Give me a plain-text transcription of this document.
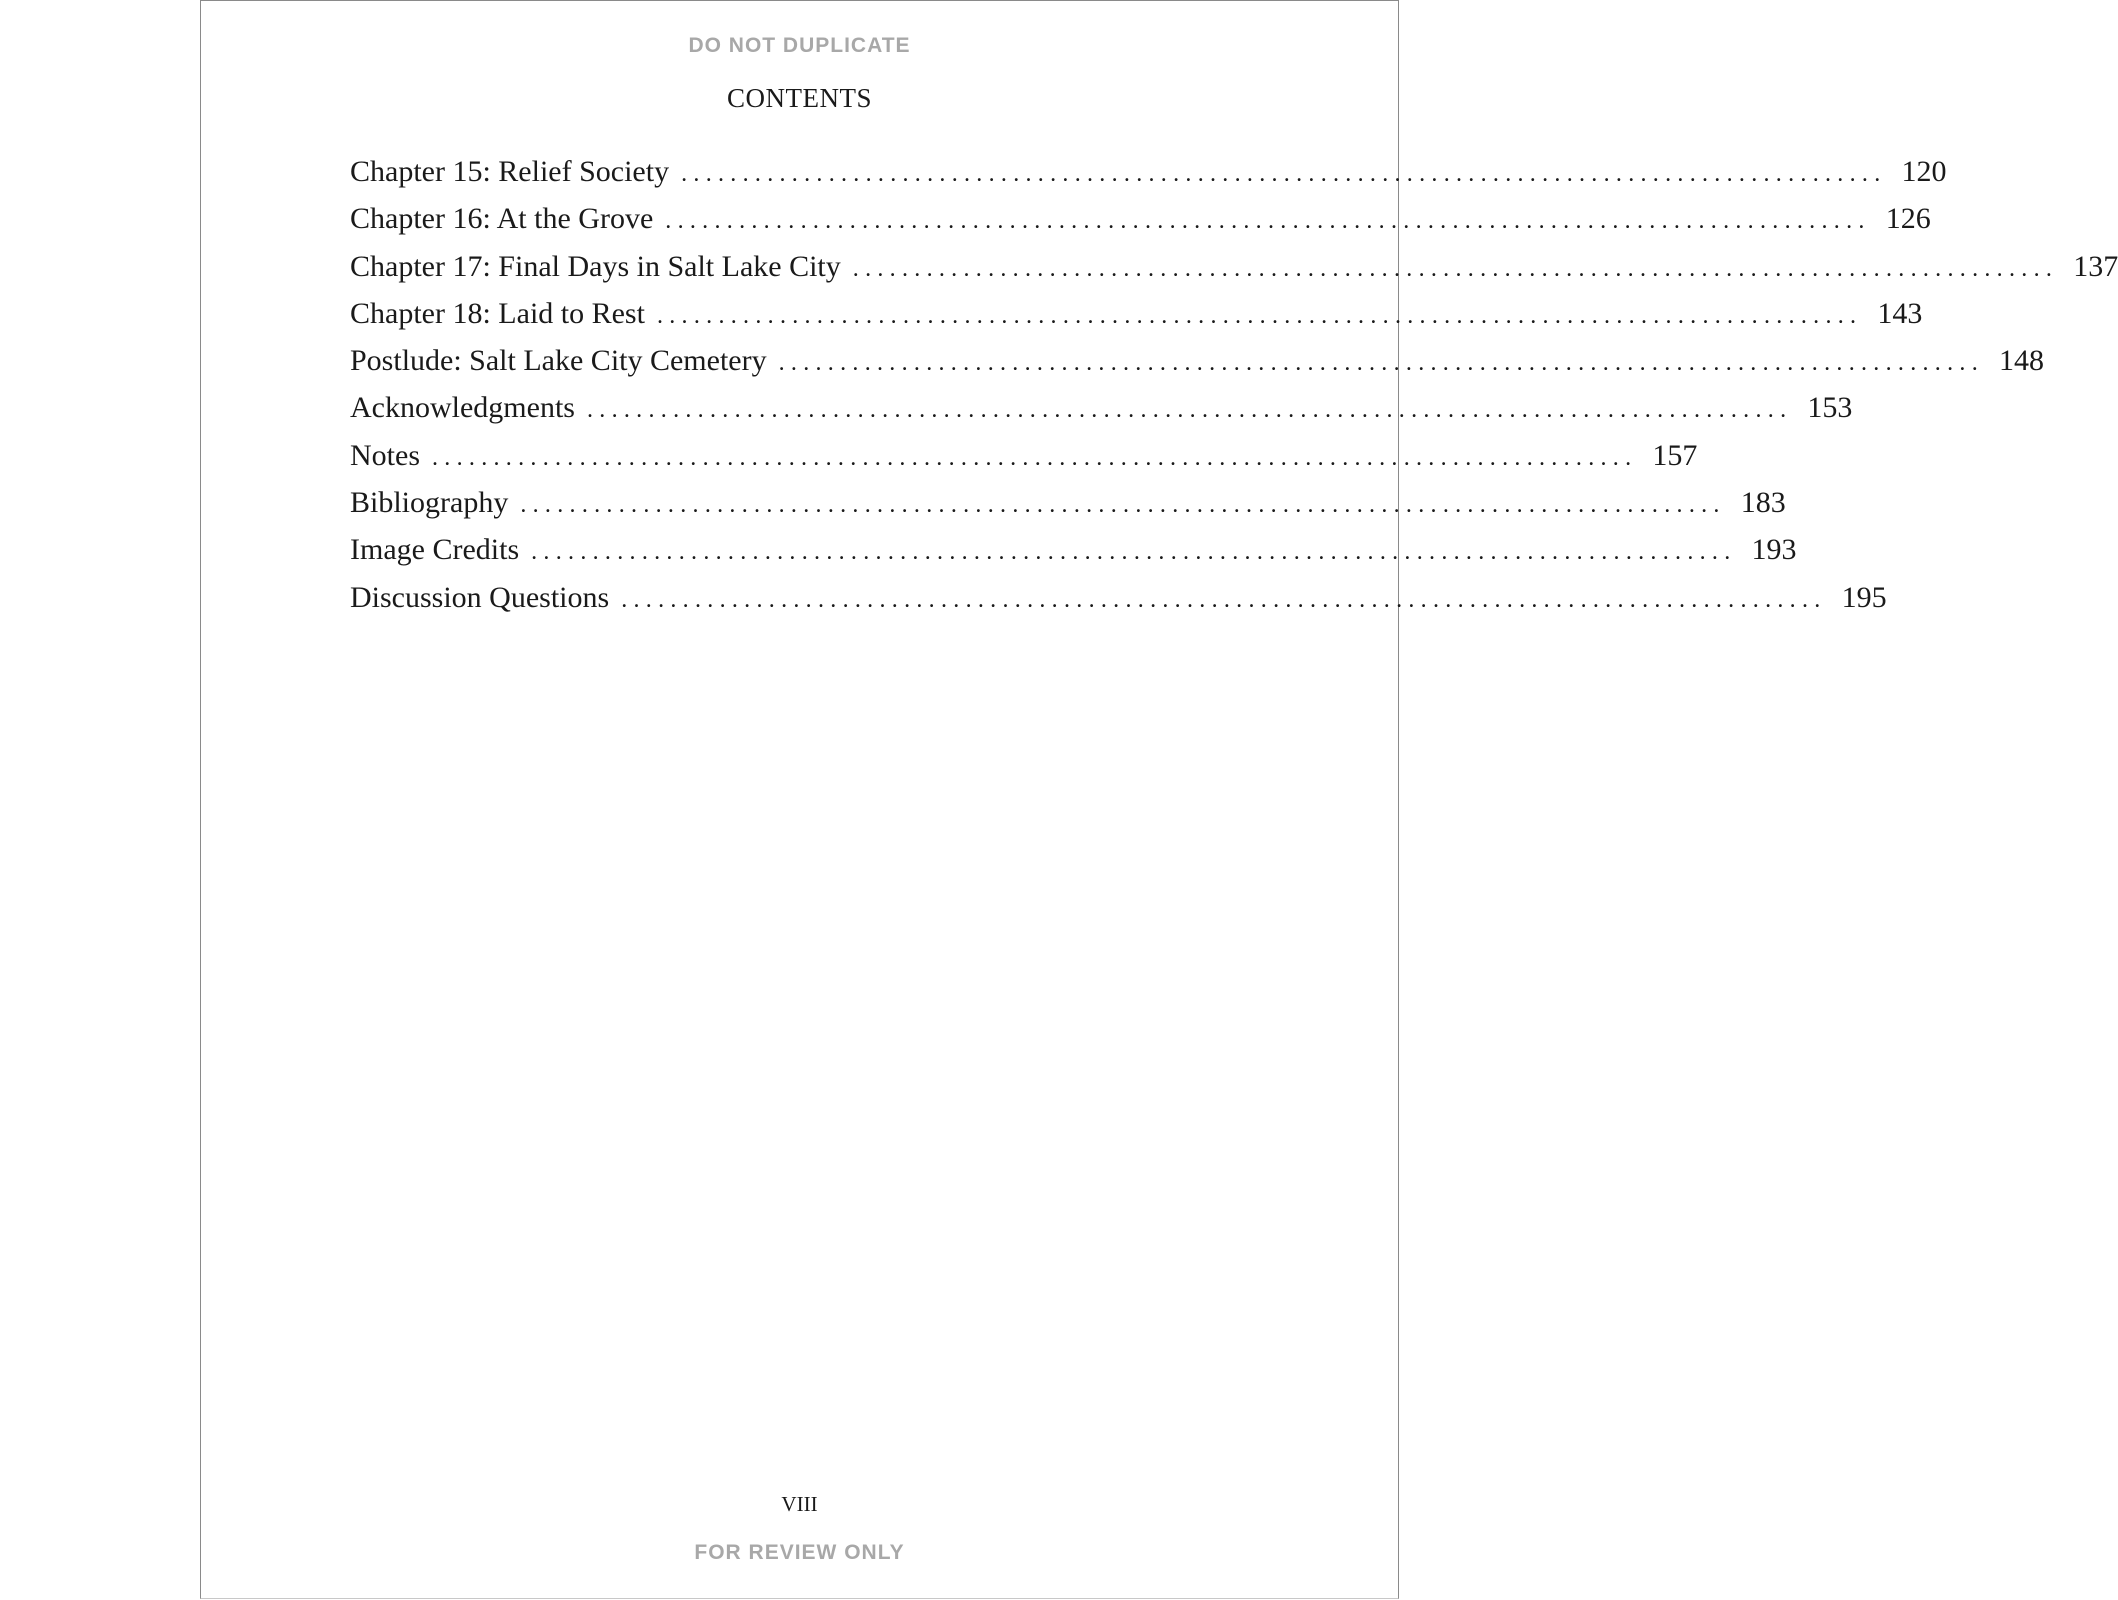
DO NOT DUPLICATE
CONTENTS
Chapter 15: Relief Society .................................................................................................. 120
Chapter 16: At the Grove .................................................................................................. 126
Chapter 17: Final Days in Salt Lake City .................................................................................................. 137
Chapter 18: Laid to Rest .................................................................................................. 143
Postlude: Salt Lake City Cemetery .................................................................................................. 148
Acknowledgments .................................................................................................. 153
Notes .................................................................................................. 157
Bibliography .................................................................................................. 183
Image Credits .................................................................................................. 193
Discussion Questions .................................................................................................. 195
VIII
FOR REVIEW ONLY
